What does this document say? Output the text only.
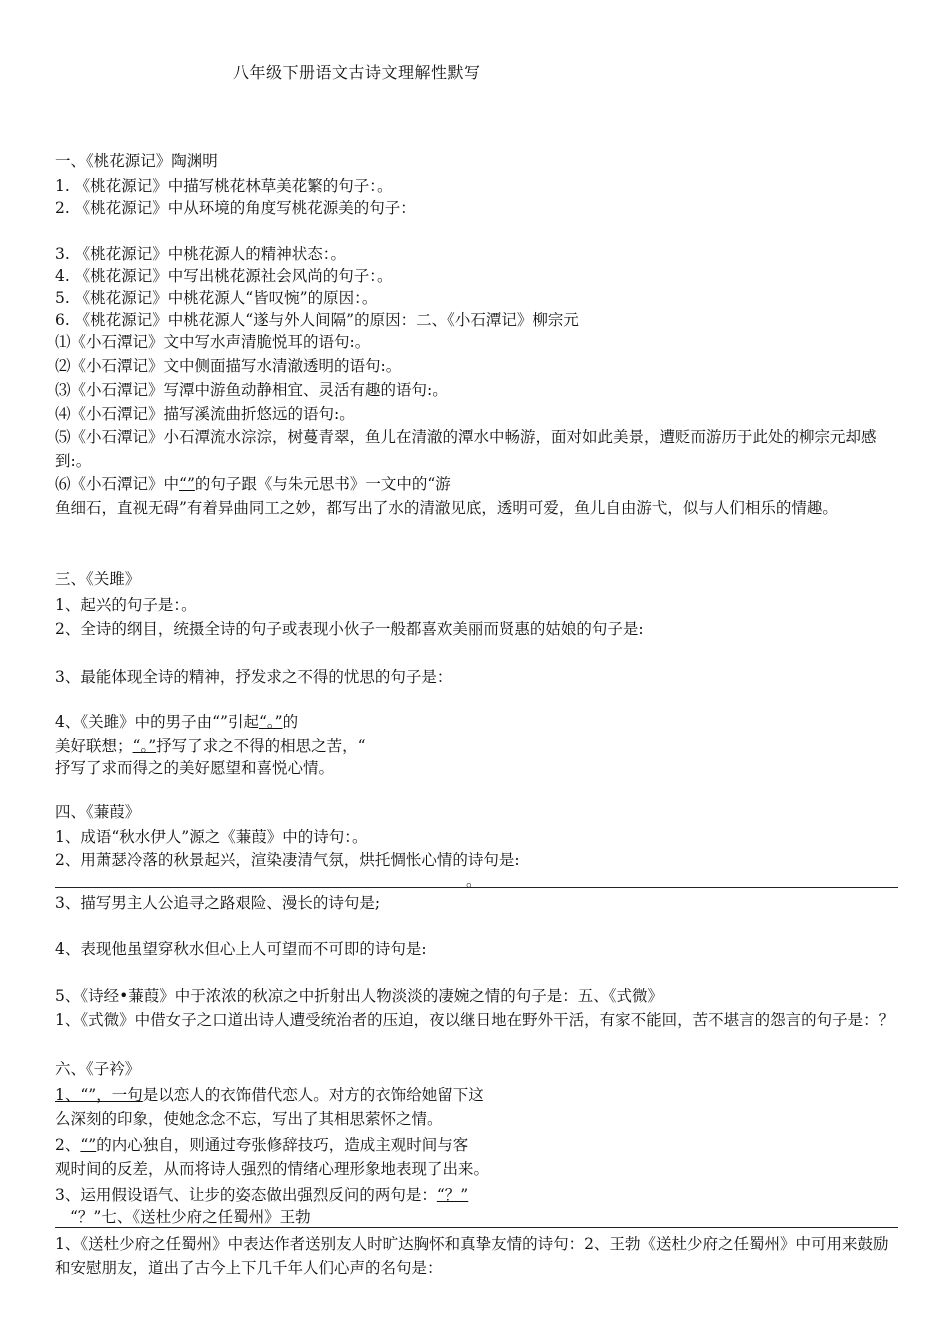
八年级下册语文古诗文理解性默写
一、《桃花源记》陶渊明
1. 《桃花源记》中描写桃花林草美花繁的句子：。
2. 《桃花源记》中从环境的角度写桃花源美的句子：
3. 《桃花源记》中桃花源人的精神状态：。
4. 《桃花源记》中写出桃花源社会风尚的句子：。
5. 《桃花源记》中桃花源人“皆叹惋”的原因：。
6. 《桃花源记》中桃花源人“遂与外人间隔”的原因：二、《小石潭记》柳宗元
⑴《小石潭记》文中写水声清脆悦耳的语句:。
⑵《小石潭记》文中侧面描写水清澈透明的语句:。
⑶《小石潭记》写潭中游鱼动静相宜、灵活有趣的语句:。
⑷《小石潭记》描写溪流曲折悠远的语句:。
⑸《小石潭记》小石潭流水淙淙，树蔓青翠，鱼儿在清澈的潭水中畅游，面对如此美景，遭贬而游历于此处的柳宗元却感到:。
⑹《小石潭记》中“”的句子跟《与朱元思书》一文中的“游
鱼细石，直视无碍”有着异曲同工之妙，都写出了水的清澈见底，透明可爱，鱼儿自由游弋，似与人们相乐的情趣。
三、《关雎》
1、起兴的句子是：。
2、全诗的纲目，统摄全诗的句子或表现小伙子一般都喜欢美丽而贤惠的姑娘的句子是:
3、最能体现全诗的精神，抒发求之不得的忧思的句子是：
4、《关雎》中的男子由“”引起“。”的
美好联想；“。”抒写了求之不得的相思之苦，“
抒写了求而得之的美好愿望和喜悦心情。
四、《蒹葭》
1、成语“秋水伊人”源之《蒹葭》中的诗句：。
2、用萧瑟冷落的秋景起兴，渲染凄清气氛，烘托惆怅心情的诗句是:
。
3、描写男主人公追寻之路艰险、漫长的诗句是;
4、表现他虽望穿秋水但心上人可望而不可即的诗句是:
5、《诗经•蒹葭》中于浓浓的秋凉之中折射出人物淡淡的凄婉之情的句子是：五、《式微》
1、《式微》中借女子之口道出诗人遭受统治者的压迫，夜以继日地在野外干活，有家不能回，苦不堪言的怨言的句子是：？
六、《子衿》
1、“”，一句是以恋人的衣饰借代恋人。对方的衣饰给她留下这
么深刻的印象，使她念念不忘，写出了其相思萦怀之情。
2、“”的内心独自，则通过夸张修辞技巧，造成主观时间与客
观时间的反差，从而将诗人强烈的情绪心理形象地表现了出来。
3、运用假设语气、让步的姿态做出强烈反问的两句是：“？”
“？”七、《送杜少府之任蜀州》王勃
1、《送杜少府之任蜀州》中表达作者送别友人时旷达胸怀和真挚友情的诗句：2、王勃《送杜少府之任蜀州》中可用来鼓励和安慰朋友，道出了古今上下几千年人们心声的名句是：
